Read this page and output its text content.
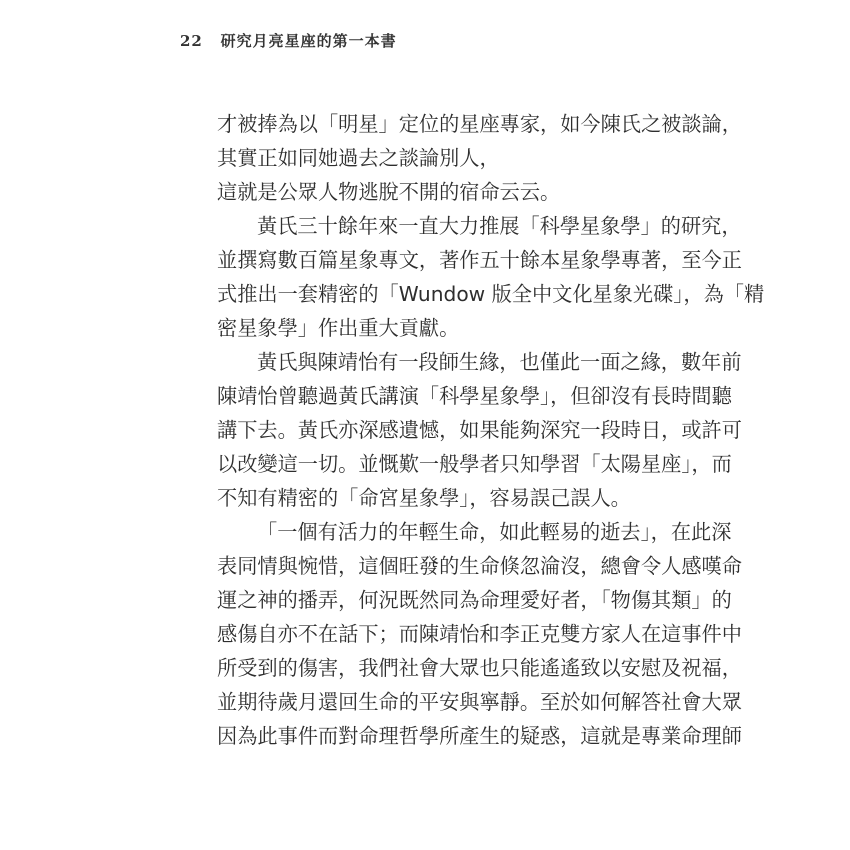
22 研究月亮星座的第一本書
才被捧為以「明星」定位的星座專家，如今陳氏之被談論，
其實正如同她過去之談論別人，
這就是公眾人物逃脫不開的宿命云云。
黃氏三十餘年來一直大力推展「科學星象學」的研究，
並撰寫數百篇星象專文，著作五十餘本星象學專著，至今正
式推出一套精密的「Wundow 版全中文化星象光碟」，為「精
密星象學」作出重大貢獻。
黃氏與陳靖怡有一段師生緣，也僅此一面之緣，數年前
陳靖怡曾聽過黃氏講演「科學星象學」，但卻沒有長時間聽
講下去。黃氏亦深感遺憾，如果能夠深究一段時日，或許可
以改變這一切。並慨歎一般學者只知學習「太陽星座」，而
不知有精密的「命宮星象學」，容易誤己誤人。
「一個有活力的年輕生命，如此輕易的逝去」，在此深
表同情與惋惜，這個旺發的生命倏忽淪沒，總會令人感嘆命
運之神的播弄，何況既然同為命理愛好者，「物傷其類」的
感傷自亦不在話下；而陳靖怡和李正克雙方家人在這事件中
所受到的傷害，我們社會大眾也只能遙遙致以安慰及祝福，
並期待歲月還回生命的平安與寧靜。至於如何解答社會大眾
因為此事件而對命理哲學所產生的疑惑，這就是專業命理師
